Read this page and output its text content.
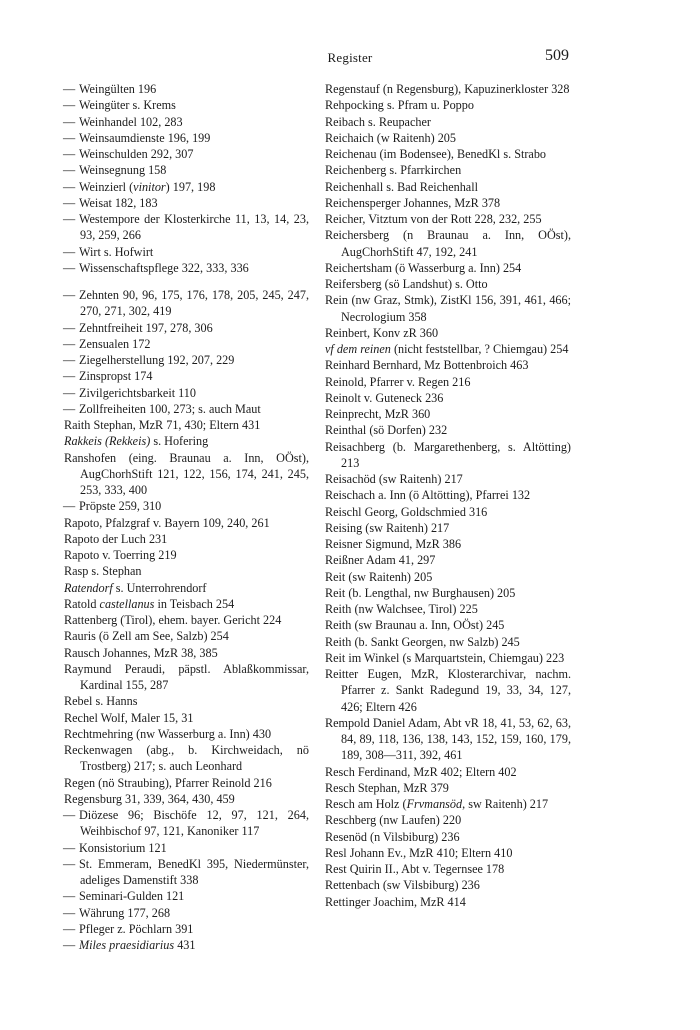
Register	509

— Weingülten 196

— Weingüter s. Krems

— Weinhandel 102, 283

— Weinsaumdienste 196, 199

— Weinschulden 292, 307

— Weinsegnung 158

— Weinzierl (vinitor) 197, 198

— Weisat 182, 183

— Westempore der Klosterkirche 11, 13, 14, 23, 93, 259, 266

— Wirt s. Hofwirt

— Wissenschaftspflege 322, 333, 336

— Zehnten 90, 96, 175, 176, 178, 205, 245, 247, 270, 271, 302, 419

— Zehntfreiheit 197, 278, 306

— Zensualen 172

— Ziegelherstellung 192, 207, 229

— Zinspropst 174

— Zivilgerichtsbarkeit 110

— Zollfreiheiten 100, 273; s. auch Maut

Raith Stephan, MzR 71, 430; Eltern 431

Rakkeis (Rekkeis) s. Hofering

Ranshofen (eing. Braunau a. Inn, OÖst), AugChorhStift 121, 122, 156, 174, 241, 245, 253, 333, 400

— Pröpste 259, 310

Rapoto, Pfalzgraf v. Bayern 109, 240, 261

Rapoto der Luch 231

Rapoto v. Toerring 219

Rasp s. Stephan

Ratendorf s. Unterrohrendorf

Ratold castellanus in Teisbach 254

Rattenberg (Tirol), ehem. bayer. Gericht 224

Rauris (ö Zell am See, Salzb) 254

Rausch Johannes, MzR 38, 385

Raymund Peraudi, päpstl. Ablaßkommissar, Kardinal 155, 287

Rebel s. Hanns

Rechel Wolf, Maler 15, 31

Rechtmehring (nw Wasserburg a. Inn) 430

Reckenwagen (abg., b. Kirchweidach, nö Trostberg) 217; s. auch Leonhard

Regen (nö Straubing), Pfarrer Reinold 216

Regensburg 31, 339, 364, 430, 459

— Diözese 96; Bischöfe 12, 97, 121, 264, Weihbischof 97, 121, Kanoniker 117

— Konsistorium 121

— St. Emmeram, BenedKl 395, Niedermünster, adeliges Damenstift 338

— Seminari-Gulden 121

— Währung 177, 268

— Pfleger z. Pöchlarn 391

— Miles praesidiarius 431

Regenstauf (n Regensburg), Kapuzinerkloster 328

Rehpocking s. Pfram u. Poppo

Reibach s. Reupacher

Reichaich (w Raitenh) 205

Reichenau (im Bodensee), BenedKl s. Strabo

Reichenberg s. Pfarrkirchen

Reichenhall s. Bad Reichenhall

Reichensperger Johannes, MzR 378

Reicher, Vitztum von der Rott 228, 232, 255

Reichersberg (n Braunau a. Inn, OÖst), AugChorhStift 47, 192, 241

Reichertsham (ö Wasserburg a. Inn) 254

Reifersberg (sö Landshut) s. Otto

Rein (nw Graz, Stmk), ZistKl 156, 391, 461, 466; Necrologium 358

Reinbert, Konv zR 360

vf dem reinen (nicht feststellbar, ? Chiemgau) 254

Reinhard Bernhard, Mz Bottenbroich 463

Reinold, Pfarrer v. Regen 216

Reinolt v. Guteneck 236

Reinprecht, MzR 360

Reinthal (sö Dorfen) 232

Reisachberg (b. Margarethenberg, s. Altötting) 213

Reisachöd (sw Raitenh) 217

Reischach a. Inn (ö Altötting), Pfarrei 132

Reischl Georg, Goldschmied 316

Reising (sw Raitenh) 217

Reisner Sigmund, MzR 386

Reißner Adam 41, 297

Reit (sw Raitenh) 205

Reit (b. Lengthal, nw Burghausen) 205

Reith (nw Walchsee, Tirol) 225

Reith (sw Braunau a. Inn, OÖst) 245

Reith (b. Sankt Georgen, nw Salzb) 245

Reit im Winkel (s Marquartstein, Chiemgau) 223

Reitter Eugen, MzR, Klosterarchivar, nachm. Pfarrer z. Sankt Radegund 19, 33, 34, 127, 426; Eltern 426

Rempold Daniel Adam, Abt vR 18, 41, 53, 62, 63, 84, 89, 118, 136, 138, 143, 152, 159, 160, 179, 189, 308—311, 392, 461

Resch Ferdinand, MzR 402; Eltern 402

Resch Stephan, MzR 379

Resch am Holz (Frvmansöd, sw Raitenh) 217

Reschberg (nw Laufen) 220

Resenöd (n Vilsbiburg) 236

Resl Johann Ev., MzR 410; Eltern 410

Rest Quirin II., Abt v. Tegernsee 178

Rettenbach (sw Vilsbiburg) 236

Rettinger Joachim, MzR 414
